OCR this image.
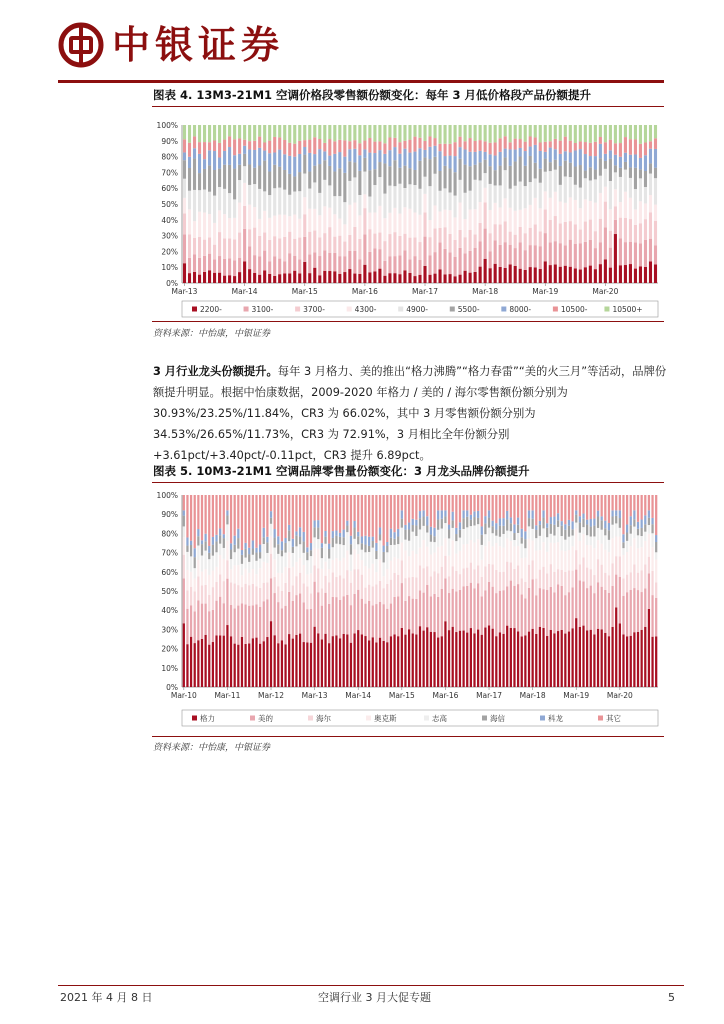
中银证券
图表 4. 13M3-21M1 空调价格段零售额份额变化：每年 3 月低价格段产品份额提升
0%
10%
20%
30%
40%
50%
60%
70%
80%
90%
100%
Mar-13	Mar-14	Mar-15	Mar-16	Mar-17	Mar-18	Mar-19	Mar-20
2200-	3100-	3700-	4300-	4900-	5500-	8000-	10500-	10500+
资料来源：中怡康，中银证券
3 月行业龙头份额提升。每年 3 月格力、美的推出“格力沸腾”“格力春雷”“美的火三月”等活动，品牌份额提升明显。根据中怡康数据，2009-2020 年格力 / 美的 / 海尔零售额份额分别为 30.93%/23.25%/11.84%，CR3 为 66.02%，其中 3 月零售额份额分别为 34.53%/26.65%/11.73%，CR3 为 72.91%，3 月相比全年份额分别+3.61pct/+3.40pct/-0.11pct，CR3 提升 6.89pct。
图表 5. 10M3-21M1 空调品牌零售量份额变化：3 月龙头品牌份额提升
0%
10%
20%
30%
40%
50%
60%
70%
80%
90%
100%
Mar-10 Mar-11 Mar-12 Mar-13 Mar-14 Mar-15 Mar-16 Mar-17 Mar-18 Mar-19 Mar-20
格力	美的	海尔	奥克斯	志高	海信	科龙	其它
资料来源：中怡康，中银证券
2021 年 4 月 8 日	空调行业 3 月大促专题	5
